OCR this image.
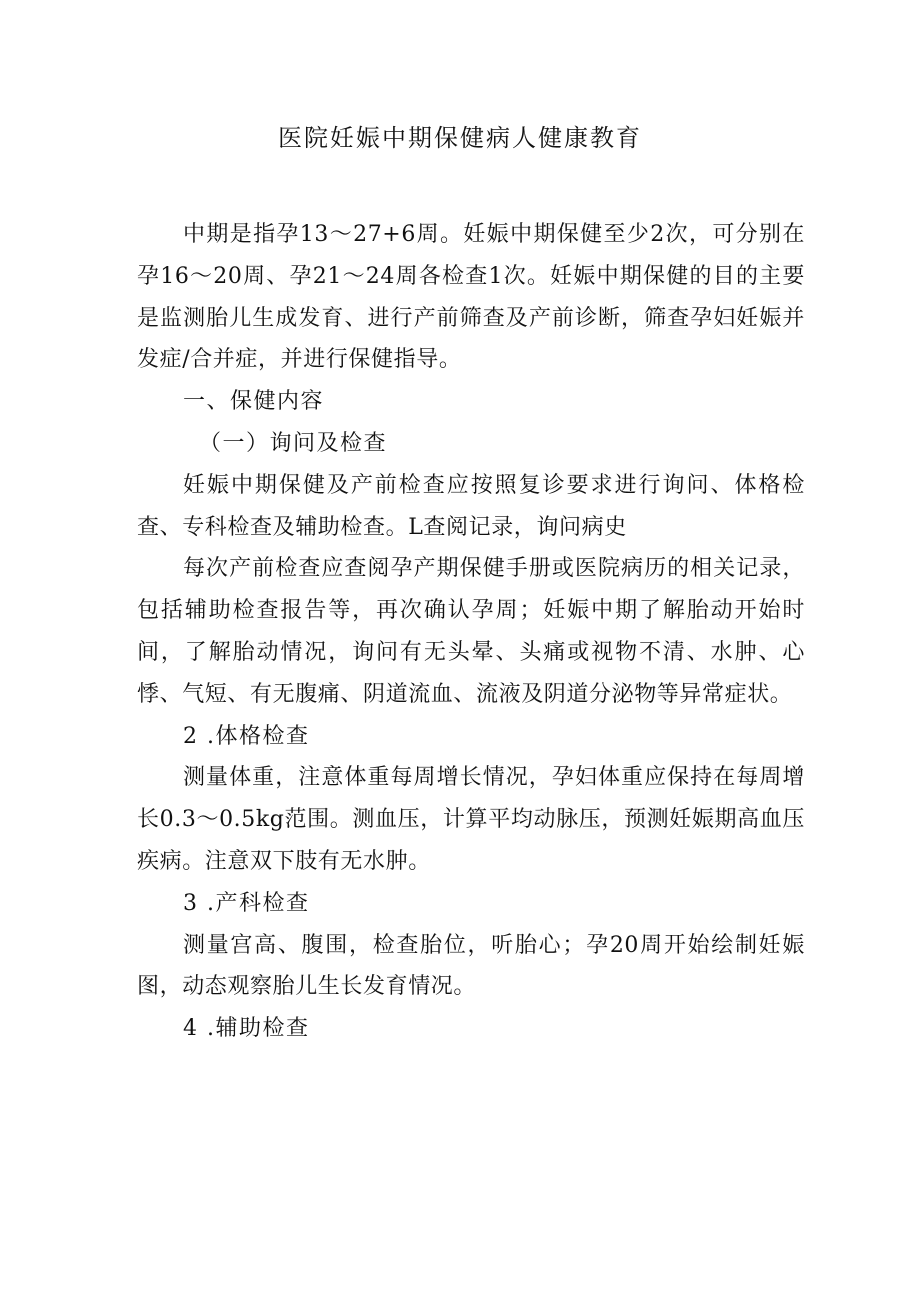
医院妊娠中期保健病人健康教育

中期是指孕13～27+6周。妊娠中期保健至少2次，可分别在孕16～20周、孕21～24周各检查1次。妊娠中期保健的目的主要是监测胎儿生成发育、进行产前筛查及产前诊断，筛查孕妇妊娠并发症/合并症，并进行保健指导。

一、保健内容

（一）询问及检查

妊娠中期保健及产前检查应按照复诊要求进行询问、体格检查、专科检查及辅助检查。L查阅记录，询问病史

每次产前检查应查阅孕产期保健手册或医院病历的相关记录，包括辅助检查报告等，再次确认孕周；妊娠中期了解胎动开始时间，了解胎动情况，询问有无头晕、头痛或视物不清、水肿、心悸、气短、有无腹痛、阴道流血、流液及阴道分泌物等异常症状。

2 .体格检查

测量体重，注意体重每周增长情况，孕妇体重应保持在每周增长0.3～0.5kg范围。测血压，计算平均动脉压，预测妊娠期高血压疾病。注意双下肢有无水肿。

3 .产科检查

测量宫高、腹围，检查胎位，听胎心；孕20周开始绘制妊娠图，动态观察胎儿生长发育情况。

4 .辅助检查
